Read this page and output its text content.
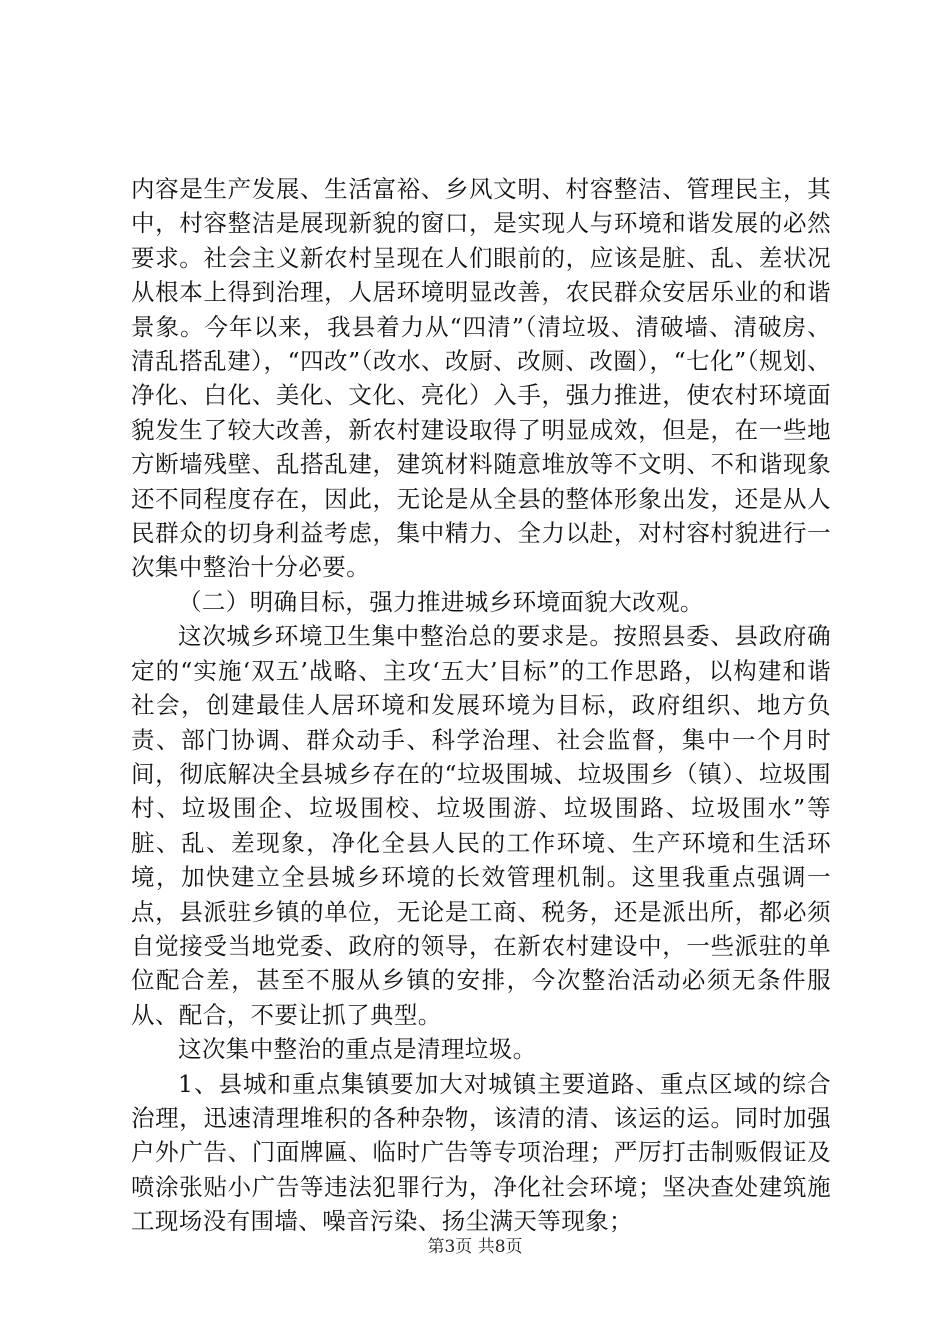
内容是生产发展、生活富裕、乡风文明、村容整洁、管理民主，其中，村容整洁是展现新貌的窗口，是实现人与环境和谐发展的必然要求。社会主义新农村呈现在人们眼前的，应该是脏、乱、差状况从根本上得到治理，人居环境明显改善，农民群众安居乐业的和谐景象。今年以来，我县着力从“四清”（清垃圾、清破墙、清破房、清乱搭乱建），“四改”（改水、改厨、改厕、改圈），“七化”（规划、净化、白化、美化、文化、亮化）入手，强力推进，使农村环境面貌发生了较大改善，新农村建设取得了明显成效，但是，在一些地方断墙残壁、乱搭乱建，建筑材料随意堆放等不文明、不和谐现象还不同程度存在，因此，无论是从全县的整体形象出发，还是从人民群众的切身利益考虑，集中精力、全力以赴，对村容村貌进行一次集中整治十分必要。

（二）明确目标，强力推进城乡环境面貌大改观。

这次城乡环境卫生集中整治总的要求是。按照县委、县政府确定的“实施‘双五’战略、主攻‘五大’目标”的工作思路，以构建和谐社会，创建最佳人居环境和发展环境为目标，政府组织、地方负责、部门协调、群众动手、科学治理、社会监督，集中一个月时间，彻底解决全县城乡存在的“垃圾围城、垃圾围乡（镇）、垃圾围村、垃圾围企、垃圾围校、垃圾围游、垃圾围路、垃圾围水”等脏、乱、差现象，净化全县人民的工作环境、生产环境和生活环境，加快建立全县城乡环境的长效管理机制。这里我重点强调一点，县派驻乡镇的单位，无论是工商、税务，还是派出所，都必须自觉接受当地党委、政府的领导，在新农村建设中，一些派驻的单位配合差，甚至不服从乡镇的安排，今次整治活动必须无条件服从、配合，不要让抓了典型。

这次集中整治的重点是清理垃圾。

1、县城和重点集镇要加大对城镇主要道路、重点区域的综合治理，迅速清理堆积的各种杂物，该清的清、该运的运。同时加强户外广告、门面牌匾、临时广告等专项治理；严厉打击制贩假证及喷涂张贴小广告等违法犯罪行为，净化社会环境；坚决查处建筑施工现场没有围墙、噪音污染、扬尘满天等现象；

第3页 共8页
